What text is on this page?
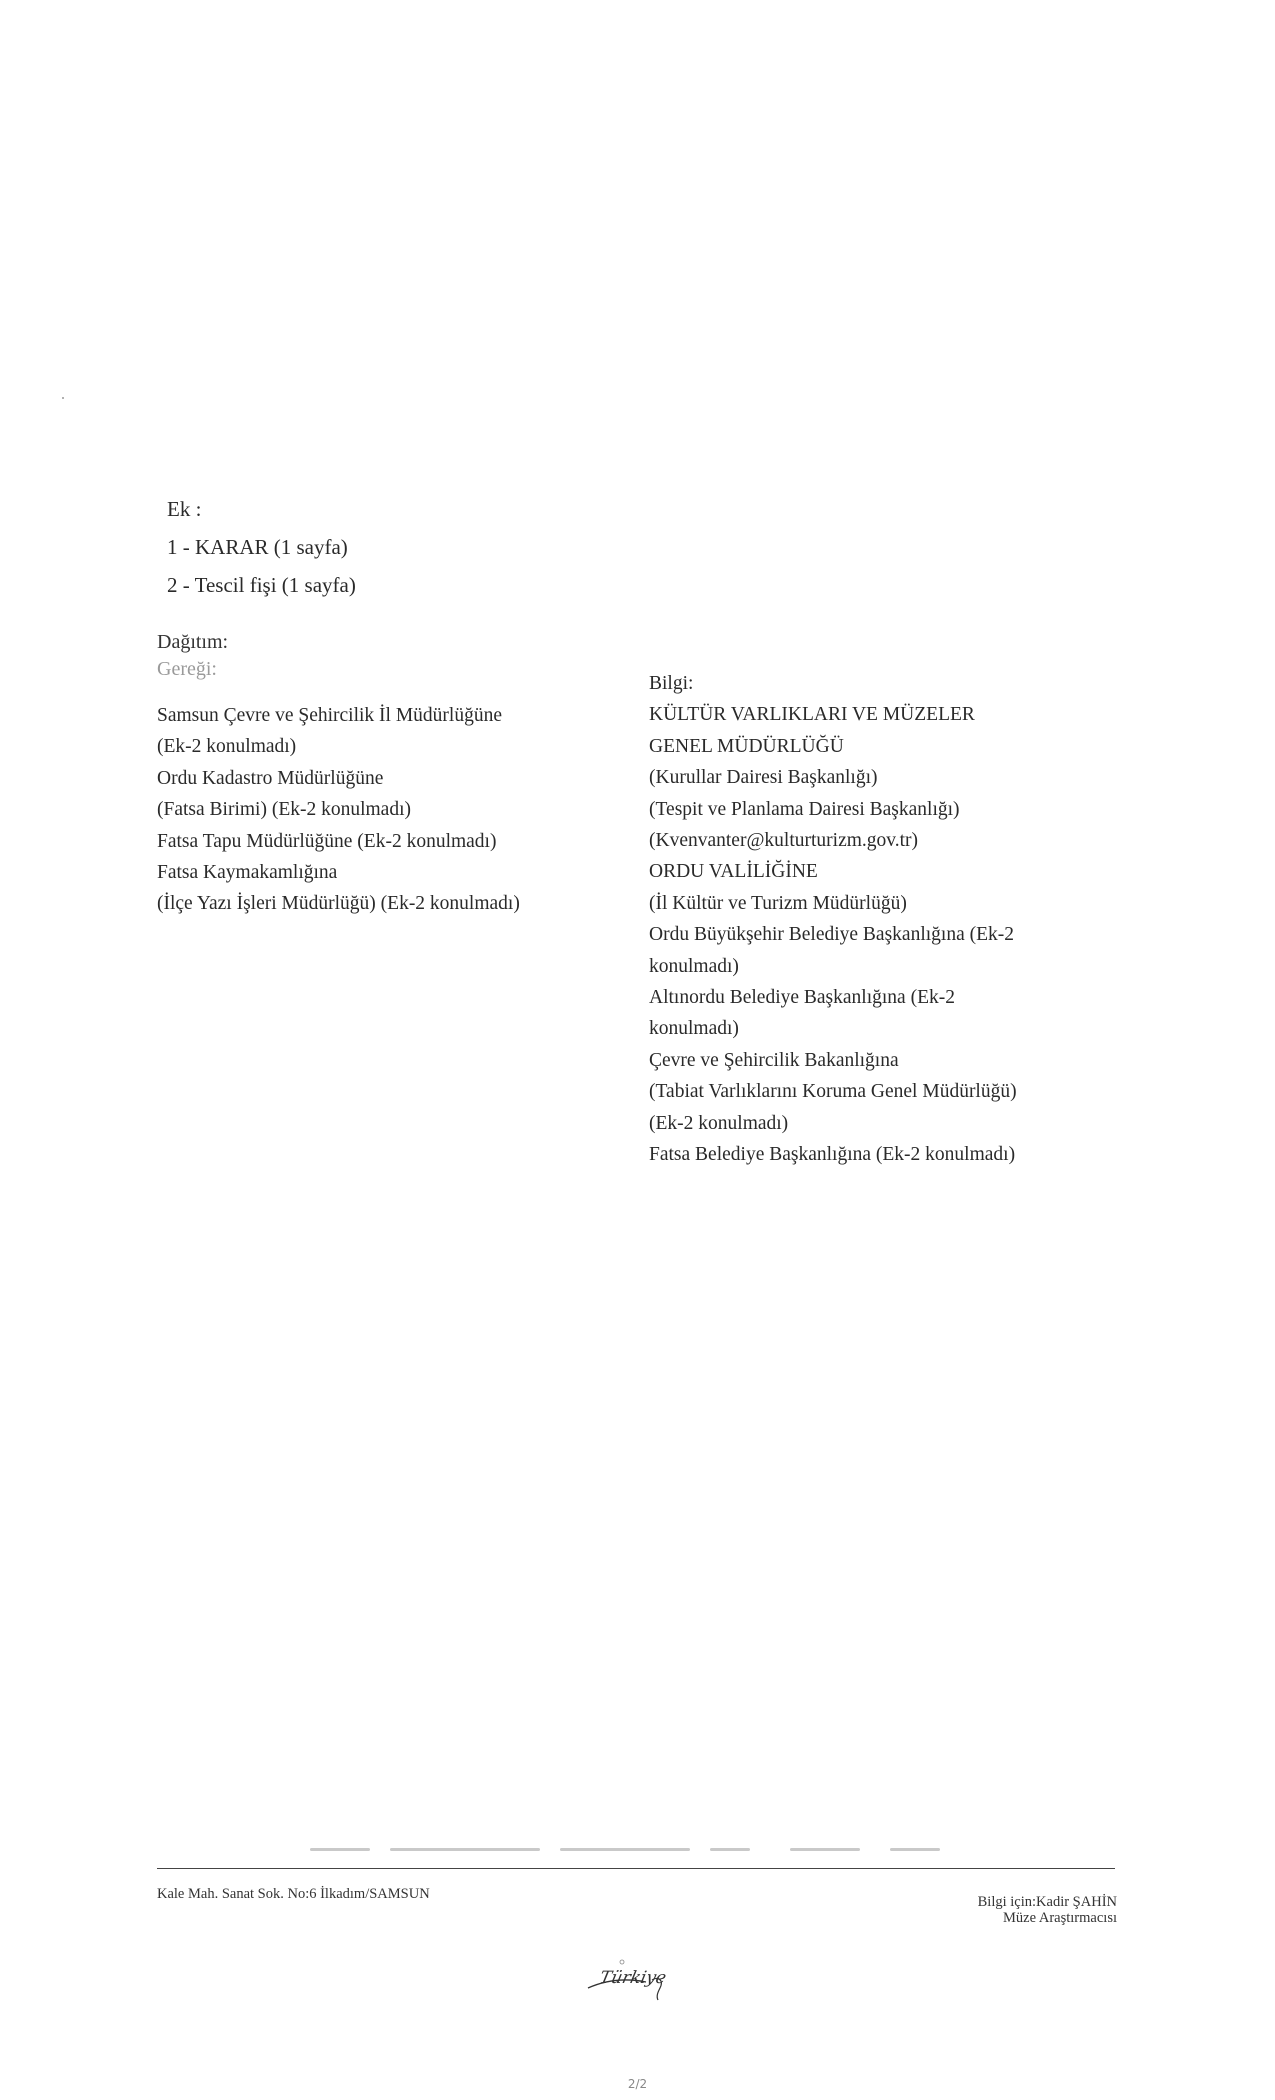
Ek :
1 - KARAR (1 sayfa)
2 - Tescil fişi (1 sayfa)
Dağıtım:
Gereği:
Samsun Çevre ve Şehircilik İl Müdürlüğüne
(Ek-2 konulmadı)
Ordu Kadastro Müdürlüğüne
(Fatsa Birimi) (Ek-2 konulmadı)
Fatsa Tapu Müdürlüğüne (Ek-2 konulmadı)
Fatsa Kaymakamlığına
(İlçe Yazı İşleri Müdürlüğü) (Ek-2 konulmadı)
Bilgi:
KÜLTÜR VARLIKLARI VE MÜZELER
GENEL MÜDÜRLÜĞÜ
(Kurullar Dairesi Başkanlığı)
(Tespit ve Planlama Dairesi Başkanlığı)
(Kvenvanter@kulturturizm.gov.tr)
ORDU VALİLİĞİNE
(İl Kültür ve Turizm Müdürlüğü)
Ordu Büyükşehir Belediye Başkanlığına (Ek-2
konulmadı)
Altınordu Belediye Başkanlığına (Ek-2
konulmadı)
Çevre ve Şehircilik Bakanlığına
(Tabiat Varlıklarını Koruma Genel Müdürlüğü)
(Ek-2 konulmadı)
Fatsa Belediye Başkanlığına (Ek-2 konulmadı)
Kale Mah. Sanat Sok. No:6 İlkadım/SAMSUN	Bilgi için:Kadir ŞAHİN
Müze Araştırmacısı
Türkiye
2/2
